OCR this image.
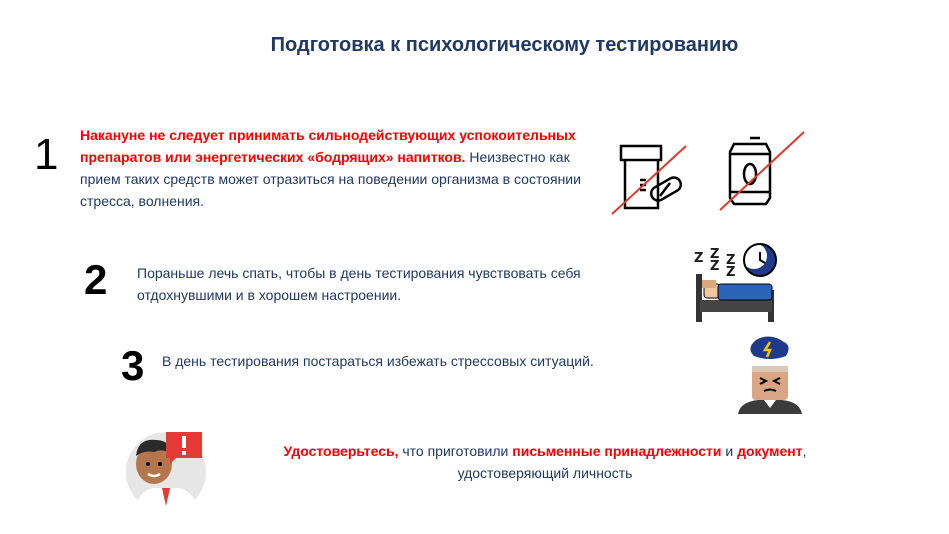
Подготовка к психологическому тестированию
1 Накануне не следует принимать сильнодействующих успокоительных препаратов или энергетических «бодрящих» напитков. Неизвестно как прием таких средств может отразиться на поведении организма в состоянии стресса, волнения.
2 Пораньше лечь спать, чтобы в день тестирования чувствовать себя отдохнувшими и в хорошем настроении.
Z Z
Z Z
Z
3 В день тестирования постараться избежать стрессовых ситуаций.
Удостоверьтесь, что приготовили письменные принадлежности и документ,
удостоверяющий личность
